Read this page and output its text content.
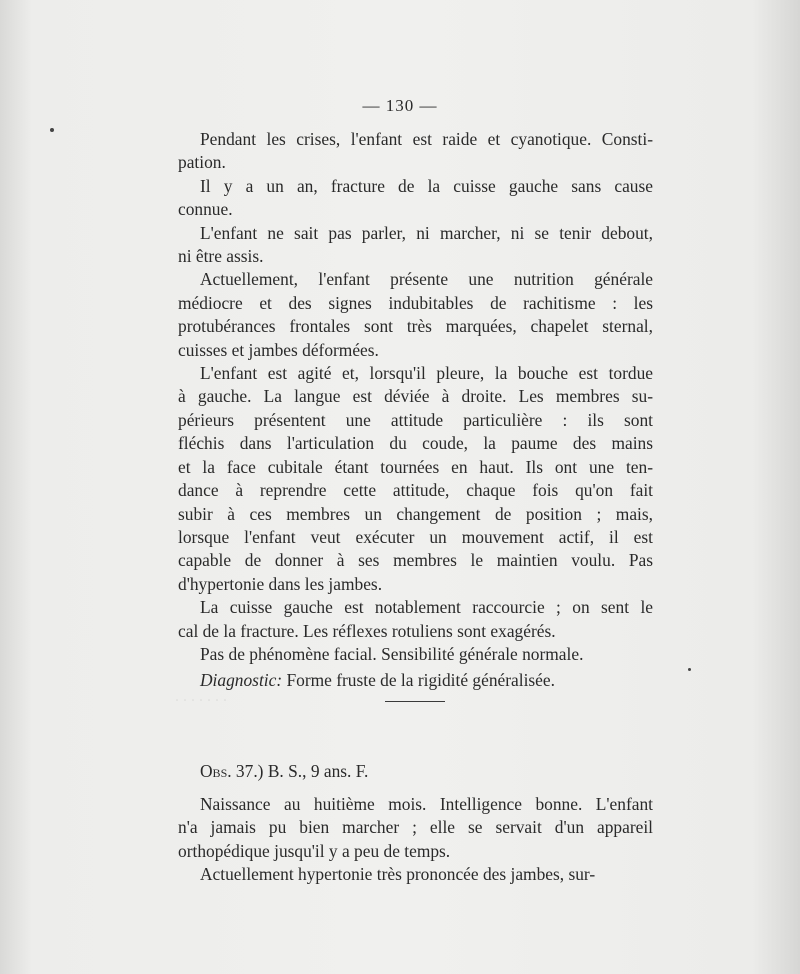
— 130 —
Pendant les crises, l'enfant est raide et cyanotique. Consti-
pation.
Il y a un an, fracture de la cuisse gauche sans cause
connue.
L'enfant ne sait pas parler, ni marcher, ni se tenir debout,
ni être assis.
Actuellement, l'enfant présente une nutrition générale
médiocre et des signes indubitables de rachitisme : les
protubérances frontales sont très marquées, chapelet sternal,
cuisses et jambes déformées.
L'enfant est agité et, lorsqu'il pleure, la bouche est tordue
à gauche. La langue est déviée à droite. Les membres su-
périeurs présentent une attitude particulière : ils sont
fléchis dans l'articulation du coude, la paume des mains
et la face cubitale étant tournées en haut. Ils ont une ten-
dance à reprendre cette attitude, chaque fois qu'on fait
subir à ces membres un changement de position ; mais,
lorsque l'enfant veut exécuter un mouvement actif, il est
capable de donner à ses membres le maintien voulu. Pas
d'hypertonie dans les jambes.
La cuisse gauche est notablement raccourcie ; on sent le
cal de la fracture. Les réflexes rotuliens sont exagérés.
Pas de phénomène facial. Sensibilité générale normale.
Diagnostic: Forme fruste de la rigidité généralisée.
Obs. 37.) B. S., 9 ans. F.
Naissance au huitième mois. Intelligence bonne. L'enfant
n'a jamais pu bien marcher ; elle se servait d'un appareil
orthopédique jusqu'il y a peu de temps.
Actuellement hypertonie très prononcée des jambes, sur-
. . . . . . .
